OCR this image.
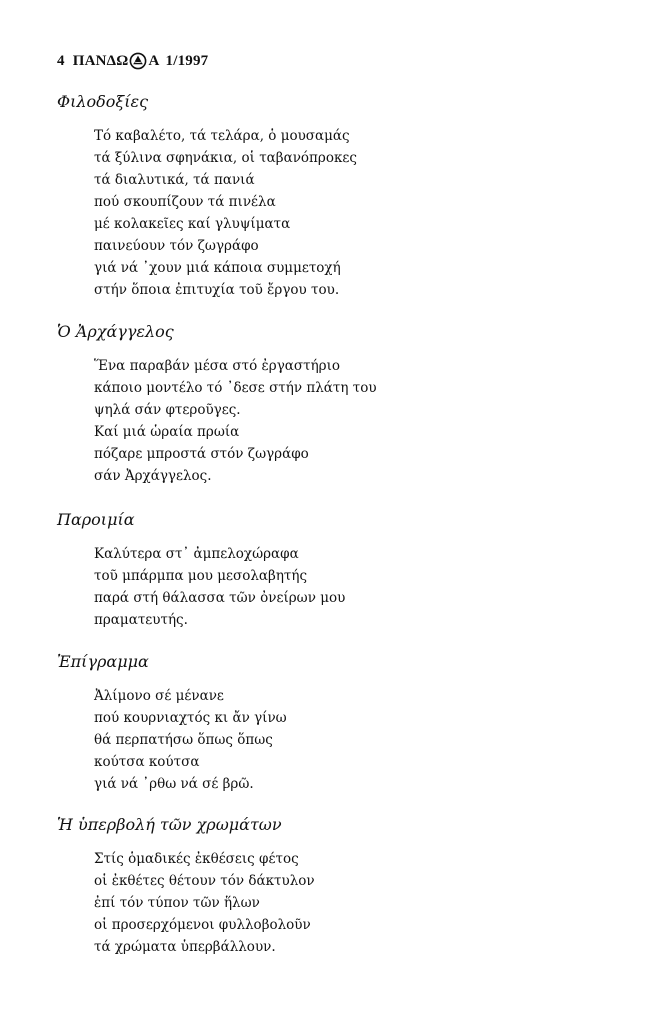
4 ΠΑΝΔΩ Α 1/1997
Φιλοδοξίες
Τό καβαλέτο, τά τελάρα, ὁ μουσαμάς
τά ξύλινα σφηνάκια, οἱ ταβανόπροκες
τά διαλυτικά, τά πανιά
πού σκουπίζουν τά πινέλα
μέ κολακεῖες καί γλυψίματα
παινεύουν τόν ζωγράφο
γιά νά ᾽χουν μιά κάποια συμμετοχή
στήν ὅποια ἐπιτυχία τοῦ ἔργου του.
Ὁ Ἀρχάγγελος
Ἕνα παραβάν μέσα στό ἐργαστήριο
κάποιο μοντέλο τό ᾽δεσε στήν πλάτη του
ψηλά σάν φτεροῦγες.
Καί μιά ὡραία πρωία
πόζαρε μπροστά στόν ζωγράφο
σάν Ἀρχάγγελος.
Παροιμία
Καλύτερα στ᾽ ἀμπελοχώραφα
τοῦ μπάρμπα μου μεσολαβητής
παρά στή θάλασσα τῶν ὀνείρων μου
πραματευτής.
Ἐπίγραμμα
Ἀλίμονο σέ μένανε
πού κουρνιαχτός κι ἄν γίνω
θά περπατήσω ὅπως ὅπως
κούτσα κούτσα
γιά νά ᾽ρθω νά σέ βρῶ.
Ἡ ὑπερβολή τῶν χρωμάτων
Στίς ὁμαδικές ἐκθέσεις φέτος
οἱ ἐκθέτες θέτουν τόν δάκτυλον
ἐπί τόν τύπον τῶν ἥλων
οἱ προσερχόμενοι φυλλοβολοῦν
τά χρώματα ὑπερβάλλουν.
